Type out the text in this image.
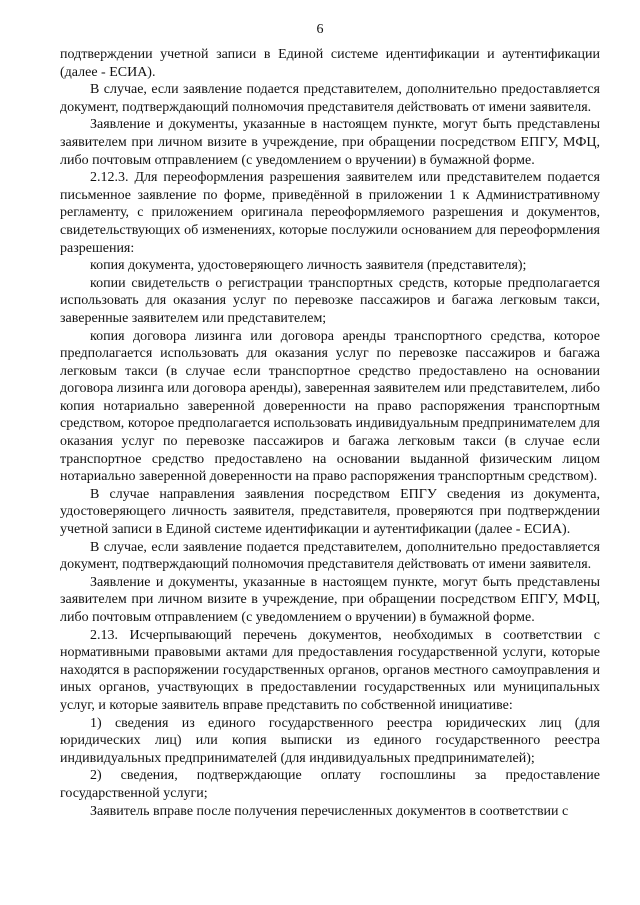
6

подтверждении учетной записи в Единой системе идентификации и аутентификации (далее - ЕСИА).

В случае, если заявление подается представителем, дополнительно предоставляется документ, подтверждающий полномочия представителя действовать от имени заявителя.

Заявление и документы, указанные в настоящем пункте, могут быть представлены заявителем при личном визите в учреждение, при обращении посредством ЕПГУ, МФЦ, либо почтовым отправлением (с уведомлением о вручении) в бумажной форме.

2.12.3. Для переоформления разрешения заявителем или представителем подается письменное заявление по форме, приведённой в приложении 1 к Административному регламенту, с приложением оригинала переоформляемого разрешения и документов, свидетельствующих об изменениях, которые послужили основанием для переоформления разрешения:

копия документа, удостоверяющего личность заявителя (представителя);

копии свидетельств о регистрации транспортных средств, которые предполагается использовать для оказания услуг по перевозке пассажиров и багажа легковым такси, заверенные заявителем или представителем;

копия договора лизинга или договора аренды транспортного средства, которое предполагается использовать для оказания услуг по перевозке пассажиров и багажа легковым такси (в случае если транспортное средство предоставлено на основании договора лизинга или договора аренды), заверенная заявителем или представителем, либо копия нотариально заверенной доверенности на право распоряжения транспортным средством, которое предполагается использовать индивидуальным предпринимателем для оказания услуг по перевозке пассажиров и багажа легковым такси (в случае если транспортное средство предоставлено на основании выданной физическим лицом нотариально заверенной доверенности на право распоряжения транспортным средством).

В случае направления заявления посредством ЕПГУ сведения из документа, удостоверяющего личность заявителя, представителя, проверяются при подтверждении учетной записи в Единой системе идентификации и аутентификации (далее - ЕСИА).

В случае, если заявление подается представителем, дополнительно предоставляется документ, подтверждающий полномочия представителя действовать от имени заявителя.

Заявление и документы, указанные в настоящем пункте, могут быть представлены заявителем при личном визите в учреждение, при обращении посредством ЕПГУ, МФЦ, либо почтовым отправлением (с уведомлением о вручении) в бумажной форме.

2.13. Исчерпывающий перечень документов, необходимых в соответствии с нормативными правовыми актами для предоставления государственной услуги, которые находятся в распоряжении государственных органов, органов местного самоуправления и иных органов, участвующих в предоставлении государственных или муниципальных услуг, и которые заявитель вправе представить по собственной инициативе:

1) сведения из единого государственного реестра юридических лиц (для юридических лиц) или копия выписки из единого государственного реестра индивидуальных предпринимателей (для индивидуальных предпринимателей);

2) сведения, подтверждающие оплату госпошлины за предоставление государственной услуги;

Заявитель вправе после получения перечисленных документов в соответствии с
